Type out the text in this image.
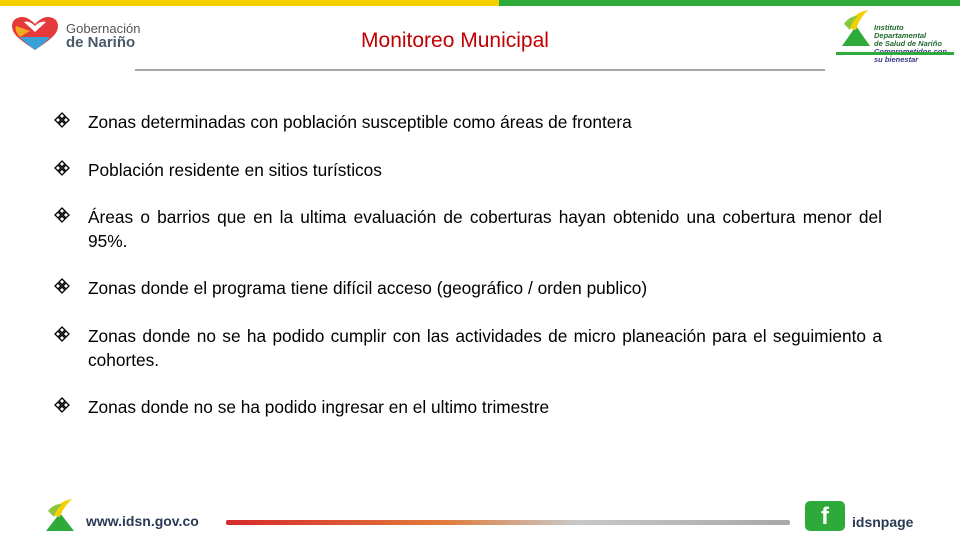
Gobernación
de Nariño	Monitoreo Municipal
Instituto
Departamental
de Salud de Nariño
su bienestar
Zonas determinadas con población susceptible como áreas de frontera
Población residente en sitios turísticos
Áreas o barrios que en la ultima evaluación de coberturas hayan obtenido una cobertura menor del 95%.
Zonas donde el programa tiene difícil acceso (geográfico / orden publico)
Zonas donde no se ha podido cumplir con las actividades de micro planeación para el seguimiento a cohortes.
Zonas donde no se ha podido ingresar en el ultimo trimestre
www.idsn.gov.co	f	idsnpage
